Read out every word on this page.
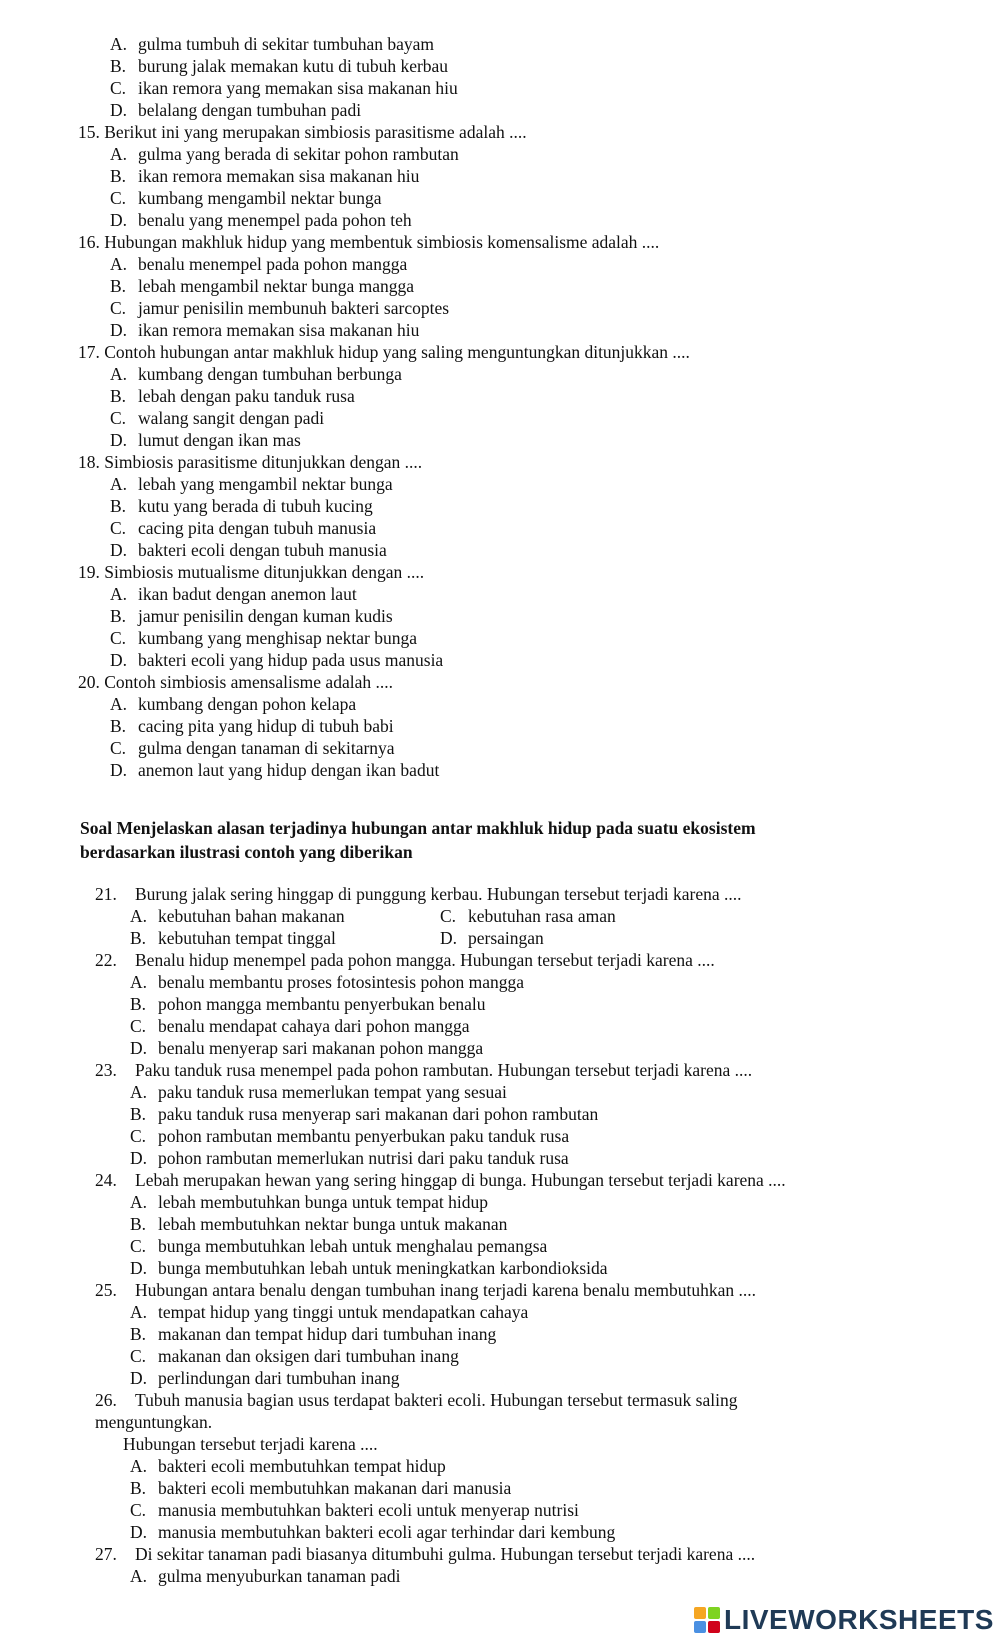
A. gulma tumbuh di sekitar tumbuhan bayam
B. burung jalak memakan kutu di tubuh kerbau
C. ikan remora yang memakan sisa makanan hiu
D. belalang dengan tumbuhan padi
15. Berikut ini yang merupakan simbiosis parasitisme adalah ....
A. gulma yang berada di sekitar pohon rambutan
B. ikan remora memakan sisa makanan hiu
C. kumbang mengambil nektar bunga
D. benalu yang menempel pada pohon teh
16. Hubungan makhluk hidup yang membentuk simbiosis komensalisme adalah ....
A. benalu menempel pada pohon mangga
B. lebah mengambil nektar bunga mangga
C. jamur penisilin membunuh bakteri sarcoptes
D. ikan remora memakan sisa makanan hiu
17. Contoh hubungan antar makhluk hidup yang saling menguntungkan ditunjukkan ....
A. kumbang dengan tumbuhan berbunga
B. lebah dengan paku tanduk rusa
C. walang sangit dengan padi
D. lumut dengan ikan mas
18. Simbiosis parasitisme ditunjukkan dengan ....
A. lebah yang mengambil nektar bunga
B. kutu yang berada di tubuh kucing
C. cacing pita dengan tubuh manusia
D. bakteri ecoli dengan tubuh manusia
19. Simbiosis mutualisme ditunjukkan dengan ....
A. ikan badut dengan anemon laut
B. jamur penisilin dengan kuman kudis
C. kumbang yang menghisap nektar bunga
D. bakteri ecoli yang hidup pada usus manusia
20. Contoh simbiosis amensalisme adalah ....
A. kumbang dengan pohon kelapa
B. cacing pita yang hidup di tubuh babi
C. gulma dengan tanaman di sekitarnya
D. anemon laut yang hidup dengan ikan badut
Soal Menjelaskan alasan terjadinya hubungan antar makhluk hidup pada suatu ekosistem
berdasarkan ilustrasi contoh yang diberikan
21. Burung jalak sering hinggap di punggung kerbau. Hubungan tersebut terjadi karena ....
A. kebutuhan bahan makanan	C. kebutuhan rasa aman
B. kebutuhan tempat tinggal	D. persaingan
22. Benalu hidup menempel pada pohon mangga. Hubungan tersebut terjadi karena ....
A. benalu membantu proses fotosintesis pohon mangga
B. pohon mangga membantu penyerbukan benalu
C. benalu mendapat cahaya dari pohon mangga
D. benalu menyerap sari makanan pohon mangga
23. Paku tanduk rusa menempel pada pohon rambutan. Hubungan tersebut terjadi karena ....
A. paku tanduk rusa memerlukan tempat yang sesuai
B. paku tanduk rusa menyerap sari makanan dari pohon rambutan
C. pohon rambutan membantu penyerbukan paku tanduk rusa
D. pohon rambutan memerlukan nutrisi dari paku tanduk rusa
24. Lebah merupakan hewan yang sering hinggap di bunga. Hubungan tersebut terjadi karena ....
A. lebah membutuhkan bunga untuk tempat hidup
B. lebah membutuhkan nektar bunga untuk makanan
C. bunga membutuhkan lebah untuk menghalau pemangsa
D. bunga membutuhkan lebah untuk meningkatkan karbondioksida
25. Hubungan antara benalu dengan tumbuhan inang terjadi karena benalu membutuhkan ....
A. tempat hidup yang tinggi untuk mendapatkan cahaya
B. makanan dan tempat hidup dari tumbuhan inang
C. makanan dan oksigen dari tumbuhan inang
D. perlindungan dari tumbuhan inang
26. Tubuh manusia bagian usus terdapat bakteri ecoli. Hubungan tersebut termasuk saling
menguntungkan.
Hubungan tersebut terjadi karena ....
A. bakteri ecoli membutuhkan tempat hidup
B. bakteri ecoli membutuhkan makanan dari manusia
C. manusia membutuhkan bakteri ecoli untuk menyerap nutrisi
D. manusia membutuhkan bakteri ecoli agar terhindar dari kembung
27. Di sekitar tanaman padi biasanya ditumbuhi gulma. Hubungan tersebut terjadi karena ....
A. gulma menyuburkan tanaman padi
LIVEWORKSHEETS
